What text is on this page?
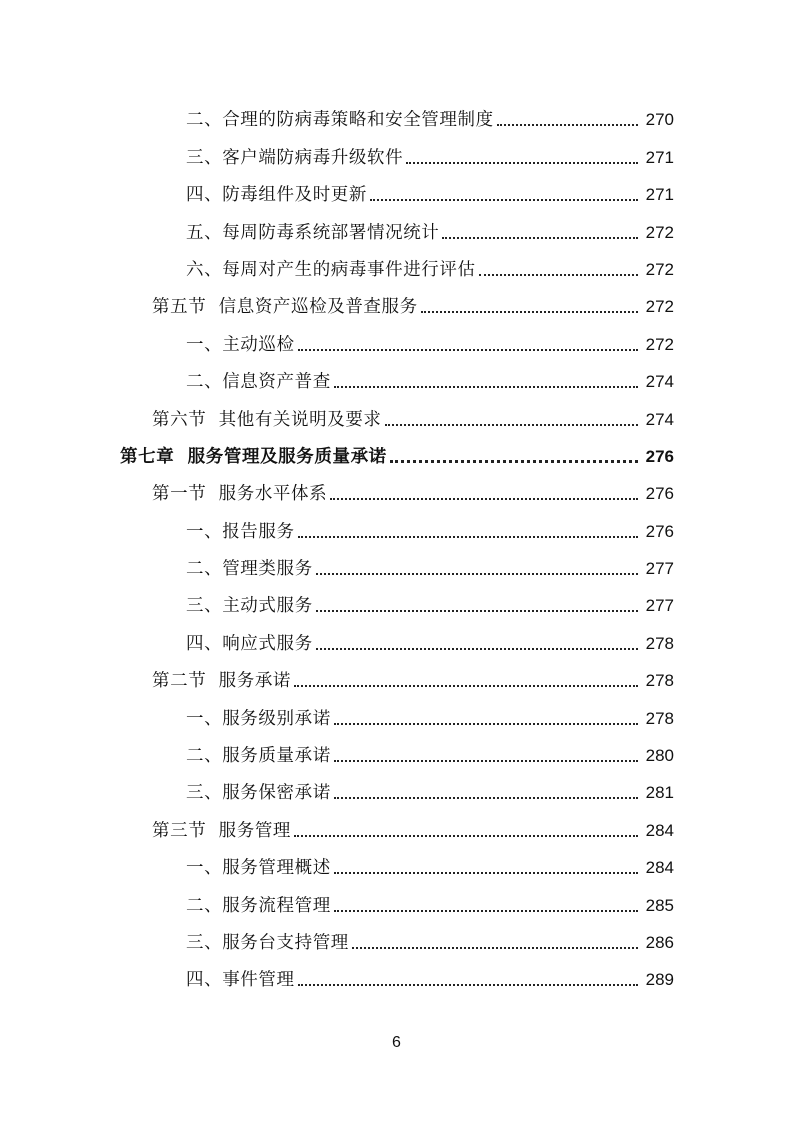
二、合理的防病毒策略和安全管理制度	270
三、客户端防病毒升级软件	271
四、防毒组件及时更新	271
五、每周防毒系统部署情况统计	272
六、每周对产生的病毒事件进行评估	272
第五节  信息资产巡检及普查服务	272
一、主动巡检	272
二、信息资产普查	274
第六节  其他有关说明及要求	274
第七章  服务管理及服务质量承诺	276
第一节  服务水平体系	276
一、报告服务	276
二、管理类服务	277
三、主动式服务	277
四、响应式服务	278
第二节  服务承诺	278
一、服务级别承诺	278
二、服务质量承诺	280
三、服务保密承诺	281
第三节  服务管理	284
一、服务管理概述	284
二、服务流程管理	285
三、服务台支持管理	286
四、事件管理	289
6
